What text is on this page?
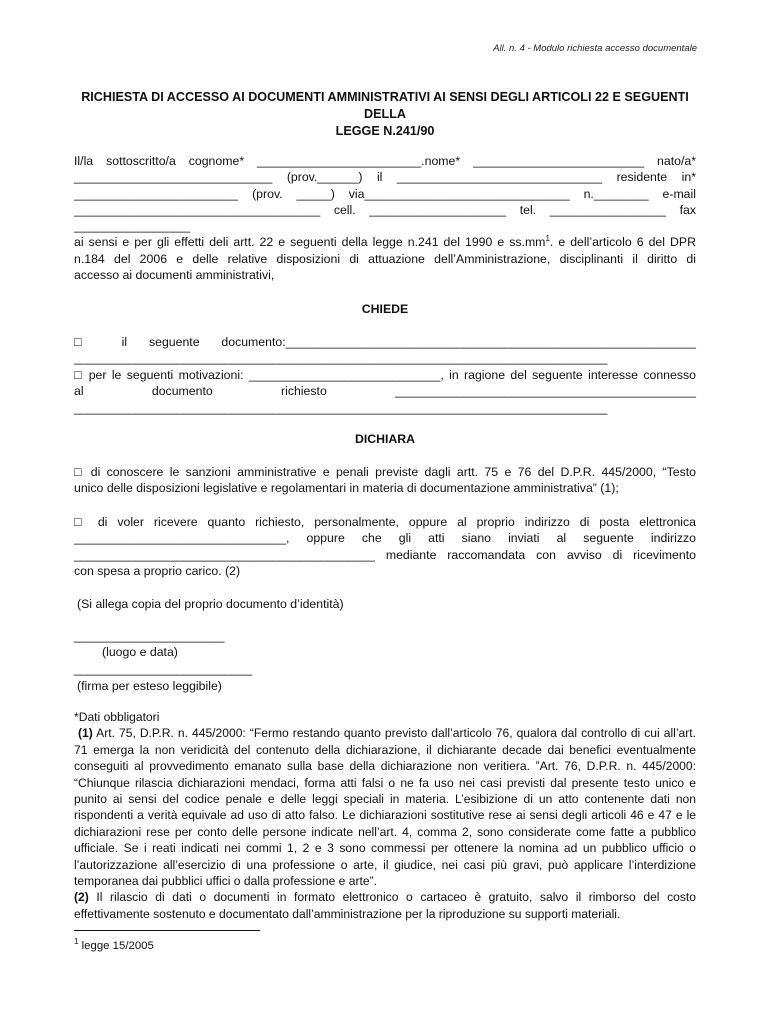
All. n. 4 - Modulo richiesta accesso documentale
RICHIESTA DI ACCESSO AI DOCUMENTI AMMINISTRATIVI AI SENSI DEGLI ARTICOLI 22 E SEGUENTI DELLA
LEGGE N.241/90
Il/la sottoscritto/a cognome* ________________________.nome* _________________________ nato/a*
_____________________________ (prov.______) il ______________________________ residente in*
________________________ (prov. _____) via______________________________ n.________ e-mail
____________________________________ cell. ____________________ tel. _________________ fax
_________________
ai sensi e per gli effetti deli artt. 22 e seguenti della legge n.241 del 1990 e $ss.mm^1$. e dell’articolo 6 del DPR
n.184 del 2006 e delle relative disposizioni di attuazione dell’Amministrazione, disciplinanti il diritto di
accesso ai documenti amministrativi,
CHIEDE
□ il seguente documento:____________________________________________________________
______________________________________________________________________________
□ per le seguenti motivazioni: ____________________________, in ragione del seguente interesse connesso
al documento richiesto ____________________________________________
______________________________________________________________________________
DICHIARA
□ di conoscere le sanzioni amministrative e penali previste dagli artt. 75 e 76 del D.P.R. 445/2000, “Testo
unico delle disposizioni legislative e regolamentari in materia di documentazione amministrativa” (1);
□ di voler ricevere quanto richiesto, personalmente, oppure al proprio indirizzo di posta elettronica
_______________________________, oppure che gli atti siano inviati al seguente indirizzo
____________________________________________ mediante raccomandata con avviso di ricevimento
con spesa a proprio carico. (2)
(Si allega copia del proprio documento d’identità)
______________________
(luogo e data)
__________________________
(firma per esteso leggibile)
*Dati obbligatori
(1) Art. 75, D.P.R. n. 445/2000: “Fermo restando quanto previsto dall’articolo 76, qualora dal controllo di cui all’art. 71 emerga la non veridicità del contenuto della dichiarazione, il dichiarante decade dai benefici eventualmente conseguiti al provvedimento emanato sulla base della dichiarazione non veritiera. ”Art. 76, D.P.R. n. 445/2000: “Chiunque rilascia dichiarazioni mendaci, forma atti falsi o ne fa uso nei casi previsti dal presente testo unico e punito ai sensi del codice penale e delle leggi speciali in materia. L’esibizione di un atto contenente dati non rispondenti a verità equivale ad uso di atto falso. Le dichiarazioni sostitutive rese ai sensi degli articoli 46 e 47 e le dichiarazioni rese per conto delle persone indicate nell’art. 4, comma 2, sono considerate come fatte a pubblico ufficiale. Se i reati indicati nei commi 1, 2 e 3 sono commessi per ottenere la nomina ad un pubblico ufficio o l’autorizzazione all’esercizio di una professione o arte, il giudice, nei casi più gravi, può applicare l’interdizione temporanea dai pubblici uffici o dalla professione e arte”.
(2) Il rilascio di dati o documenti in formato elettronico o cartaceo è gratuito, salvo il rimborso del costo effettivamente sostenuto e documentato dall’amministrazione per la riproduzione su supporti materiali.
$^1$ legge 15/2005
